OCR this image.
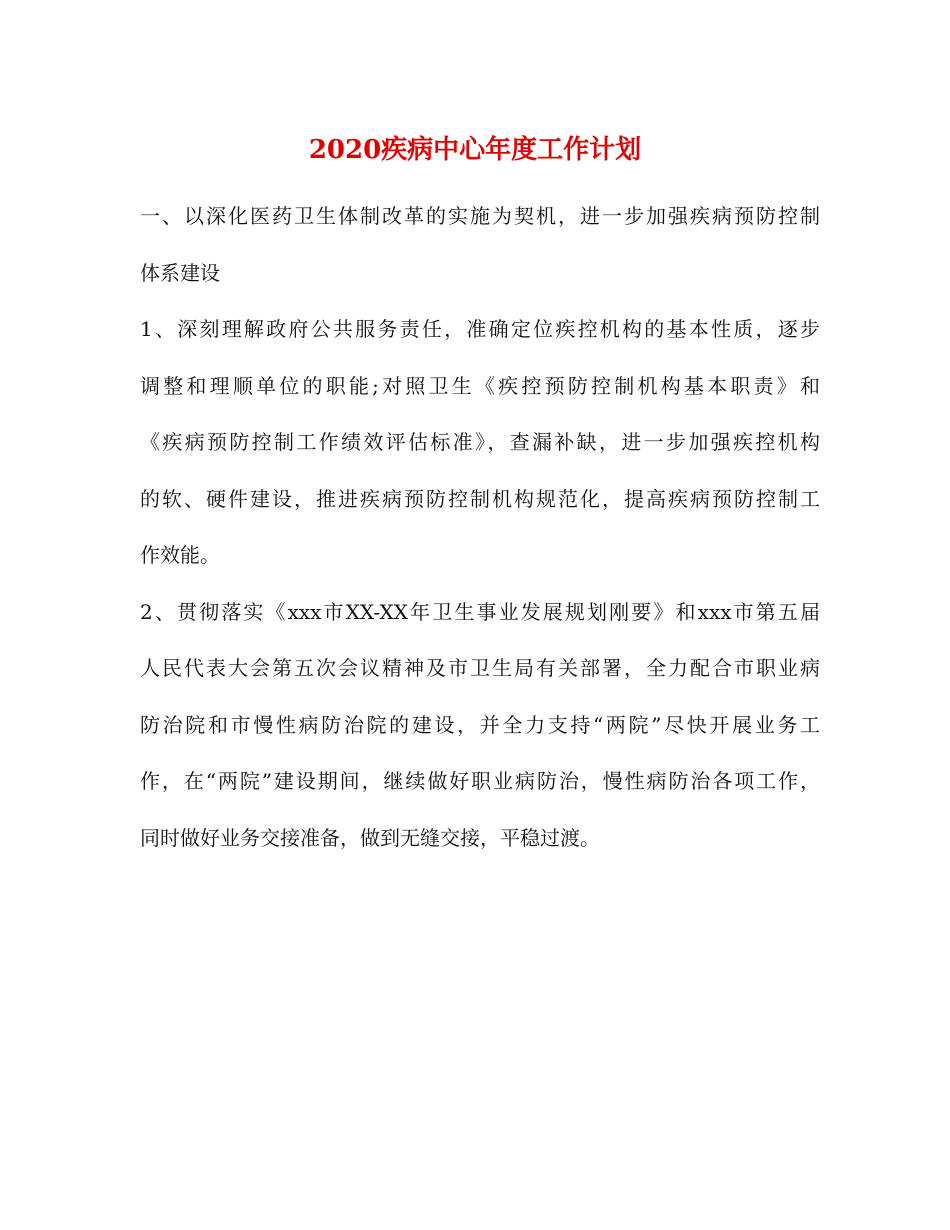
2020疾病中心年度工作计划
一、以深化医药卫生体制改革的实施为契机，进一步加强疾病预防控制
体系建设
1、深刻理解政府公共服务责任，准确定位疾控机构的基本性质，逐步
调整和理顺单位的职能;对照卫生《疾控预防控制机构基本职责》和
《疾病预防控制工作绩效评估标准》，查漏补缺，进一步加强疾控机构
的软、硬件建设，推进疾病预防控制机构规范化，提高疾病预防控制工
作效能。
2、贯彻落实《xxx市XX-XX年卫生事业发展规划刚要》和xxx市第五届
人民代表大会第五次会议精神及市卫生局有关部署，全力配合市职业病
防治院和市慢性病防治院的建设，并全力支持“两院”尽快开展业务工
作，在“两院”建设期间，继续做好职业病防治，慢性病防治各项工作，
同时做好业务交接准备，做到无缝交接，平稳过渡。
